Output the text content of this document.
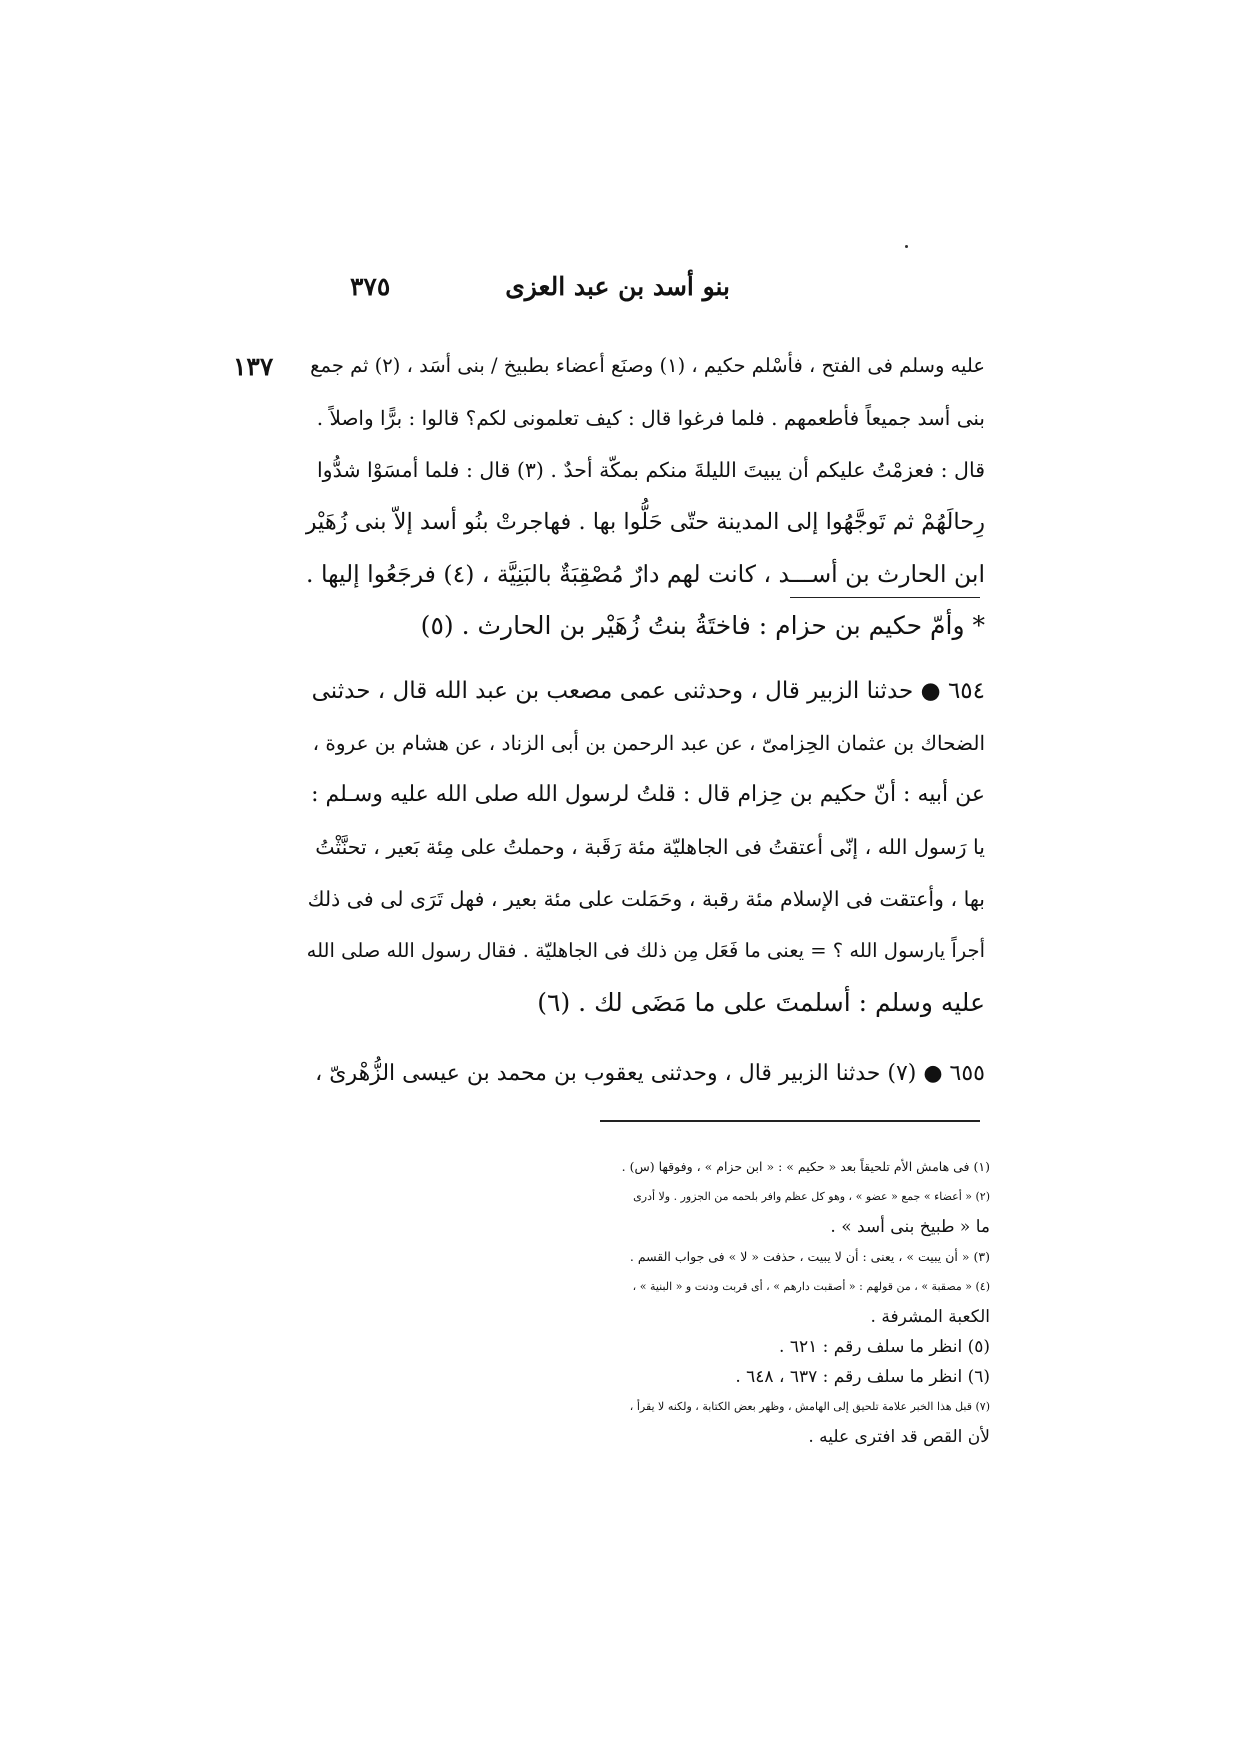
بنو أسد بن عبد العزى
٣٧٥
١٣٧ عليه وسلم فى الفتح ، فأسْلم حكيم ، (١) وصنَع أعضاء بطبيخ / بنى أسَد ، (٢) ثم جمع
بنى أسد جميعاً فأطعمهم . فلما فرغوا قال : كيف تعلمونى لكم؟ قالوا : برًّا واصلاً .
قال : فعزمْتُ عليكم أن يبيتَ الليلةَ منكم بمكّة أحدٌ . (٣) قال : فلما أمسَوْا شدُّوا
رِحالَهُمْ ثم تَوجَّهُوا إلى المدينة حتّى حَلُّوا بها . فهاجرتْ بنُو أسد إلاّ بنى زُهَيْر
ابن الحارث بن أســـد ، كانت لهم دارٌ مُصْقِبَةٌ بالبَنِيَّة ، (٤) فرجَعُوا إليها .
* وأمّ حكيم بن حزام : فاختَةُ بنتُ زُهَيْر بن الحارث . (٥)
٦٥٤ ● حدثنا الزبير قال ، وحدثنى عمى مصعب بن عبد الله قال ، حدثنى
الضحاك بن عثمان الحِزامىّ ، عن عبد الرحمن بن أبى الزناد ، عن هشام بن عروة ،
عن أبيه : أنّ حكيم بن حِزام قال : قلتُ لرسول الله صلى الله عليه وسـلم :
يا رَسول الله ، إنّى أعتقتُ فى الجاهليّة مئة رَقَبة ، وحملتُ على مِئة بَعير ، تحنَّثْتُ
بها ، وأعتقت فى الإسلام مئة رقبة ، وحَمَلت على مئة بعير ، فهل تَرَى لى فى ذلك
أجراً يارسول الله ؟ = يعنى ما فَعَل مِن ذلك فى الجاهليّة . فقال رسول الله صلى الله
عليه وسلم : أسلمتَ على ما مَضَى لك . (٦)
٦٥٥ ● (٧) حدثنا الزبير قال ، وحدثنى يعقوب بن محمد بن عيسى الزُّهْرىّ ،
(١) فى هامش الأم تلحيقاً بعد « حكيم » : « ابن حزام » ، وفوقها (س) .
(٢) « أعضاء » جمع « عضو » ، وهو كل عظم وافر بلحمه من الجزور . ولا أدرى
ما « طبيخ بنى أسد » .
(٣) « أن يبيت » ، يعنى : أن لا يبيت ، حذفت « لا » فى جواب القسم .
(٤) « مصقبة » ، من قولهم : « أصقبت دارهم » ، أى قربت ودنت و « البنية » ،
الكعبة المشرفة .
(٥) انظر ما سلف رقم : ٦٢١ .
(٦) انظر ما سلف رقم : ٦٣٧ ، ٦٤٨ .
(٧) قبل هذا الخبر علامة تلحيق إلى الهامش ، وظهر بعض الكتابة ، ولكنه لا يقرأ ،
لأن القص قد افترى عليه .
